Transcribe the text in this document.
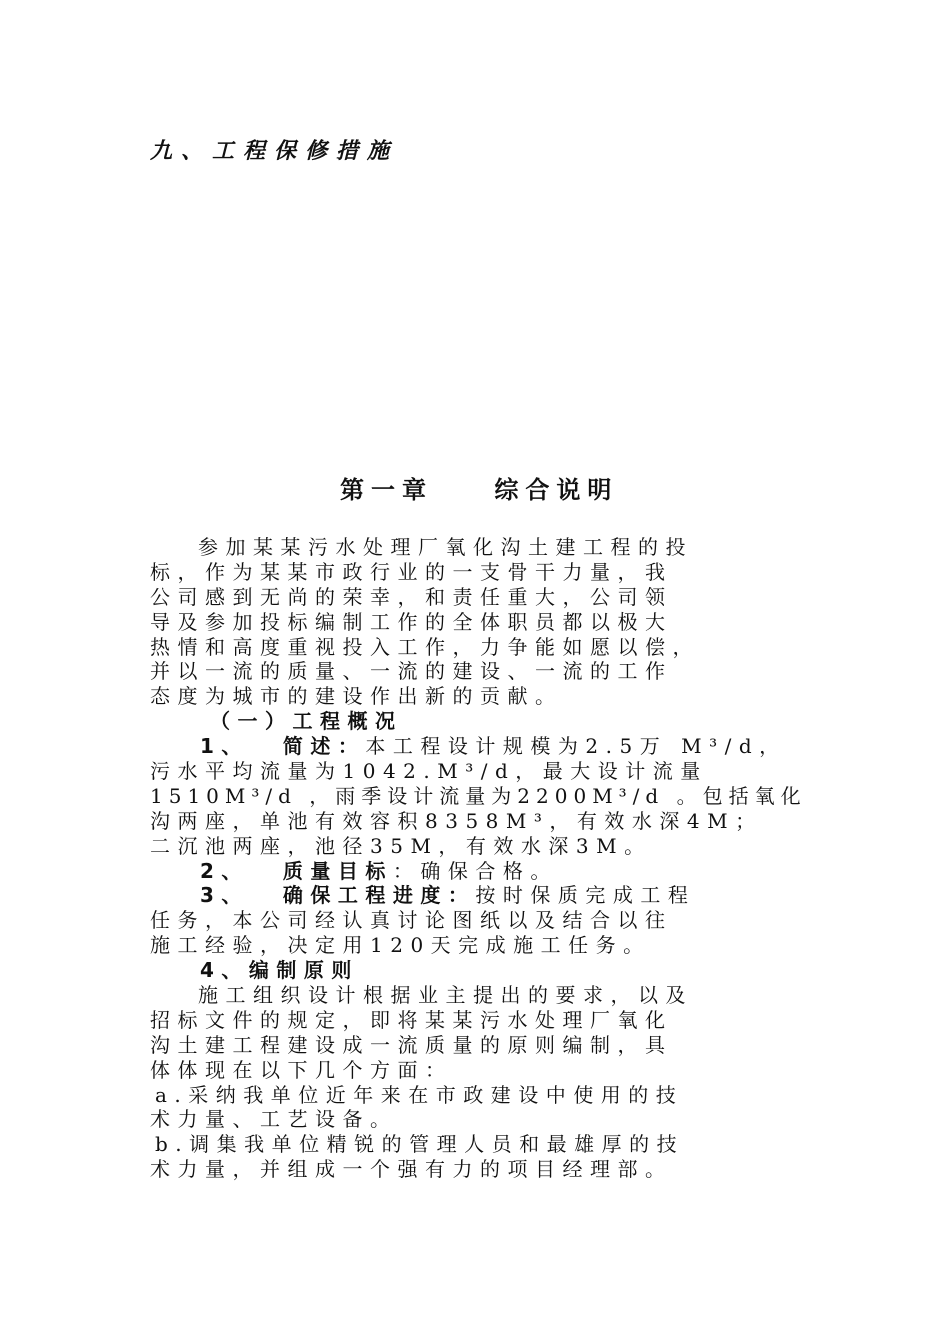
九、工程保修措施
第一章	综合说明
参加某某污水处理厂氧化沟土建工程的投
标，作为某某市政行业的一支骨干力量，我
公司感到无尚的荣幸，和责任重大，公司领
导及参加投标编制工作的全体职员都以极大
热情和高度重视投入工作，力争能如愿以偿，
并以一流的质量、一流的建设、一流的工作
态度为城市的建设作出新的贡献。
（一）工程概况
1、 简述：本工程设计规模为2.5万 M³/d，
污水平均流量为1042.M³/d，最大设计流量
1510M³/d ，雨季设计流量为2200M³/d 。包括氧化
沟两座，单池有效容积8358M³，有效水深4M；
二沉池两座，池径35M，有效水深3M。
2、 质量目标：确保合格。
3、 确保工程进度：按时保质完成工程
任务，本公司经认真讨论图纸以及结合以往
施工经验，决定用120天完成施工任务。
4、编制原则
施工组织设计根据业主提出的要求，以及
招标文件的规定，即将某某污水处理厂氧化
沟土建工程建设成一流质量的原则编制，具
体体现在以下几个方面：
a.采纳我单位近年来在市政建设中使用的技
术力量、工艺设备。
b.调集我单位精锐的管理人员和最雄厚的技
术力量，并组成一个强有力的项目经理部。
